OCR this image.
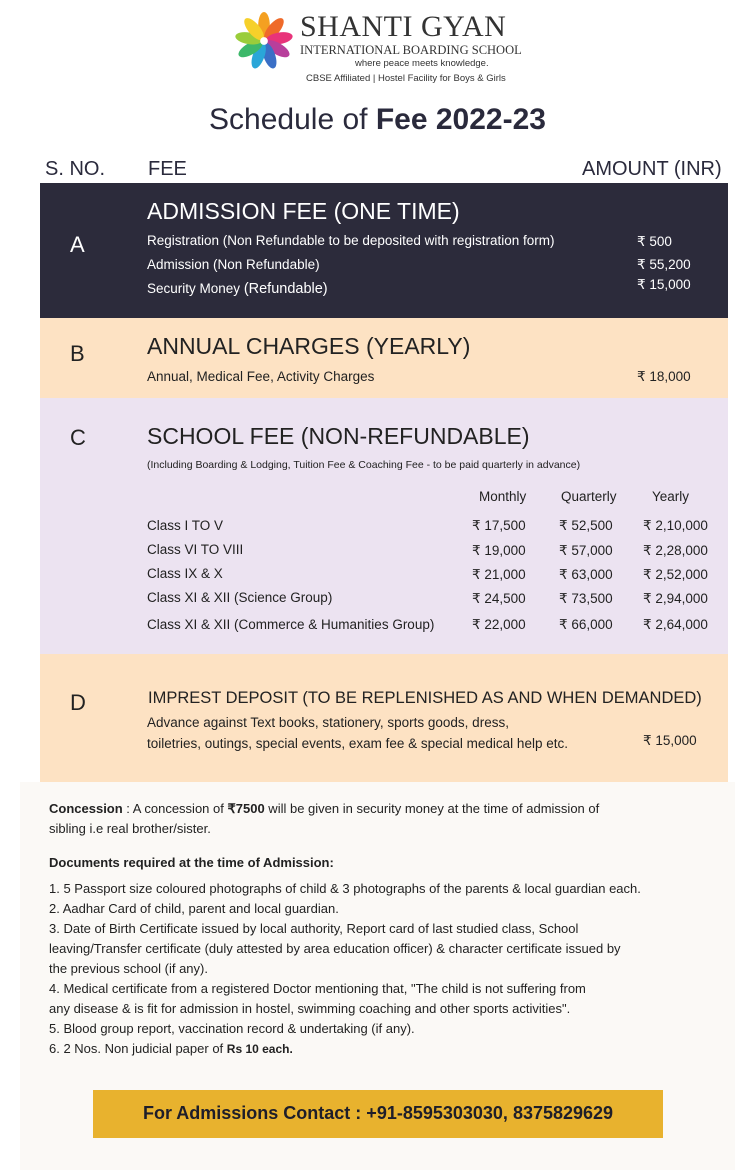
SHANTI GYAN
INTERNATIONAL BOARDING SCHOOL
where peace meets knowledge.
CBSE Affiliated | Hostel Facility for Boys & Girls
Schedule of Fee 2022-23
S. NO. FEE	AMOUNT (INR)
A
ADMISSION FEE (ONE TIME)
Registration (Non Refundable to be deposited with registration form)	₹ 500
Admission (Non Refundable)	₹ 55,200
Security Money (Refundable)	₹ 15,000
B	ANNUAL CHARGES (YEARLY)
Annual, Medical Fee, Activity Charges	₹ 18,000
C	SCHOOL FEE (NON-REFUNDABLE)
(Including Boarding & Lodging, Tuition Fee & Coaching Fee - to be paid quarterly in advance)
Monthly	Quarterly	Yearly
Class I TO V	₹ 17,500 ₹ 52,500 ₹ 2,10,000
Class VI TO VIII	₹ 19,000 ₹ 57,000 ₹ 2,28,000
Class IX & X	₹ 21,000 ₹ 63,000 ₹ 2,52,000
Class XI & XII (Science Group)	₹ 24,500 ₹ 73,500 ₹ 2,94,000
Class XI & XII (Commerce & Humanities Group)	₹ 22,000 ₹ 66,000 ₹ 2,64,000
D	IMPREST DEPOSIT (TO BE REPLENISHED AS AND WHEN DEMANDED)
Advance against Text books, stationery, sports goods, dress,
toiletries, outings, special events, exam fee & special medical help etc.	₹ 15,000
Concession : A concession of ₹7500 will be given in security money at the time of admission of
sibling i.e real brother/sister.
Documents required at the time of Admission:
1. 5 Passport size coloured photographs of child & 3 photographs of the parents & local guardian each.
2. Aadhar Card of child, parent and local guardian.
3. Date of Birth Certificate issued by local authority, Report card of last studied class, School
leaving/Transfer certificate (duly attested by area education officer) & character certificate issued by
the previous school (if any).
4. Medical certificate from a registered Doctor mentioning that, "The child is not suffering from
any disease & is fit for admission in hostel, swimming coaching and other sports activities".
5. Blood group report, vaccination record & undertaking (if any).
6. 2 Nos. Non judicial paper of Rs 10 each.
For Admissions Contact : +91-8595303030, 8375829629
